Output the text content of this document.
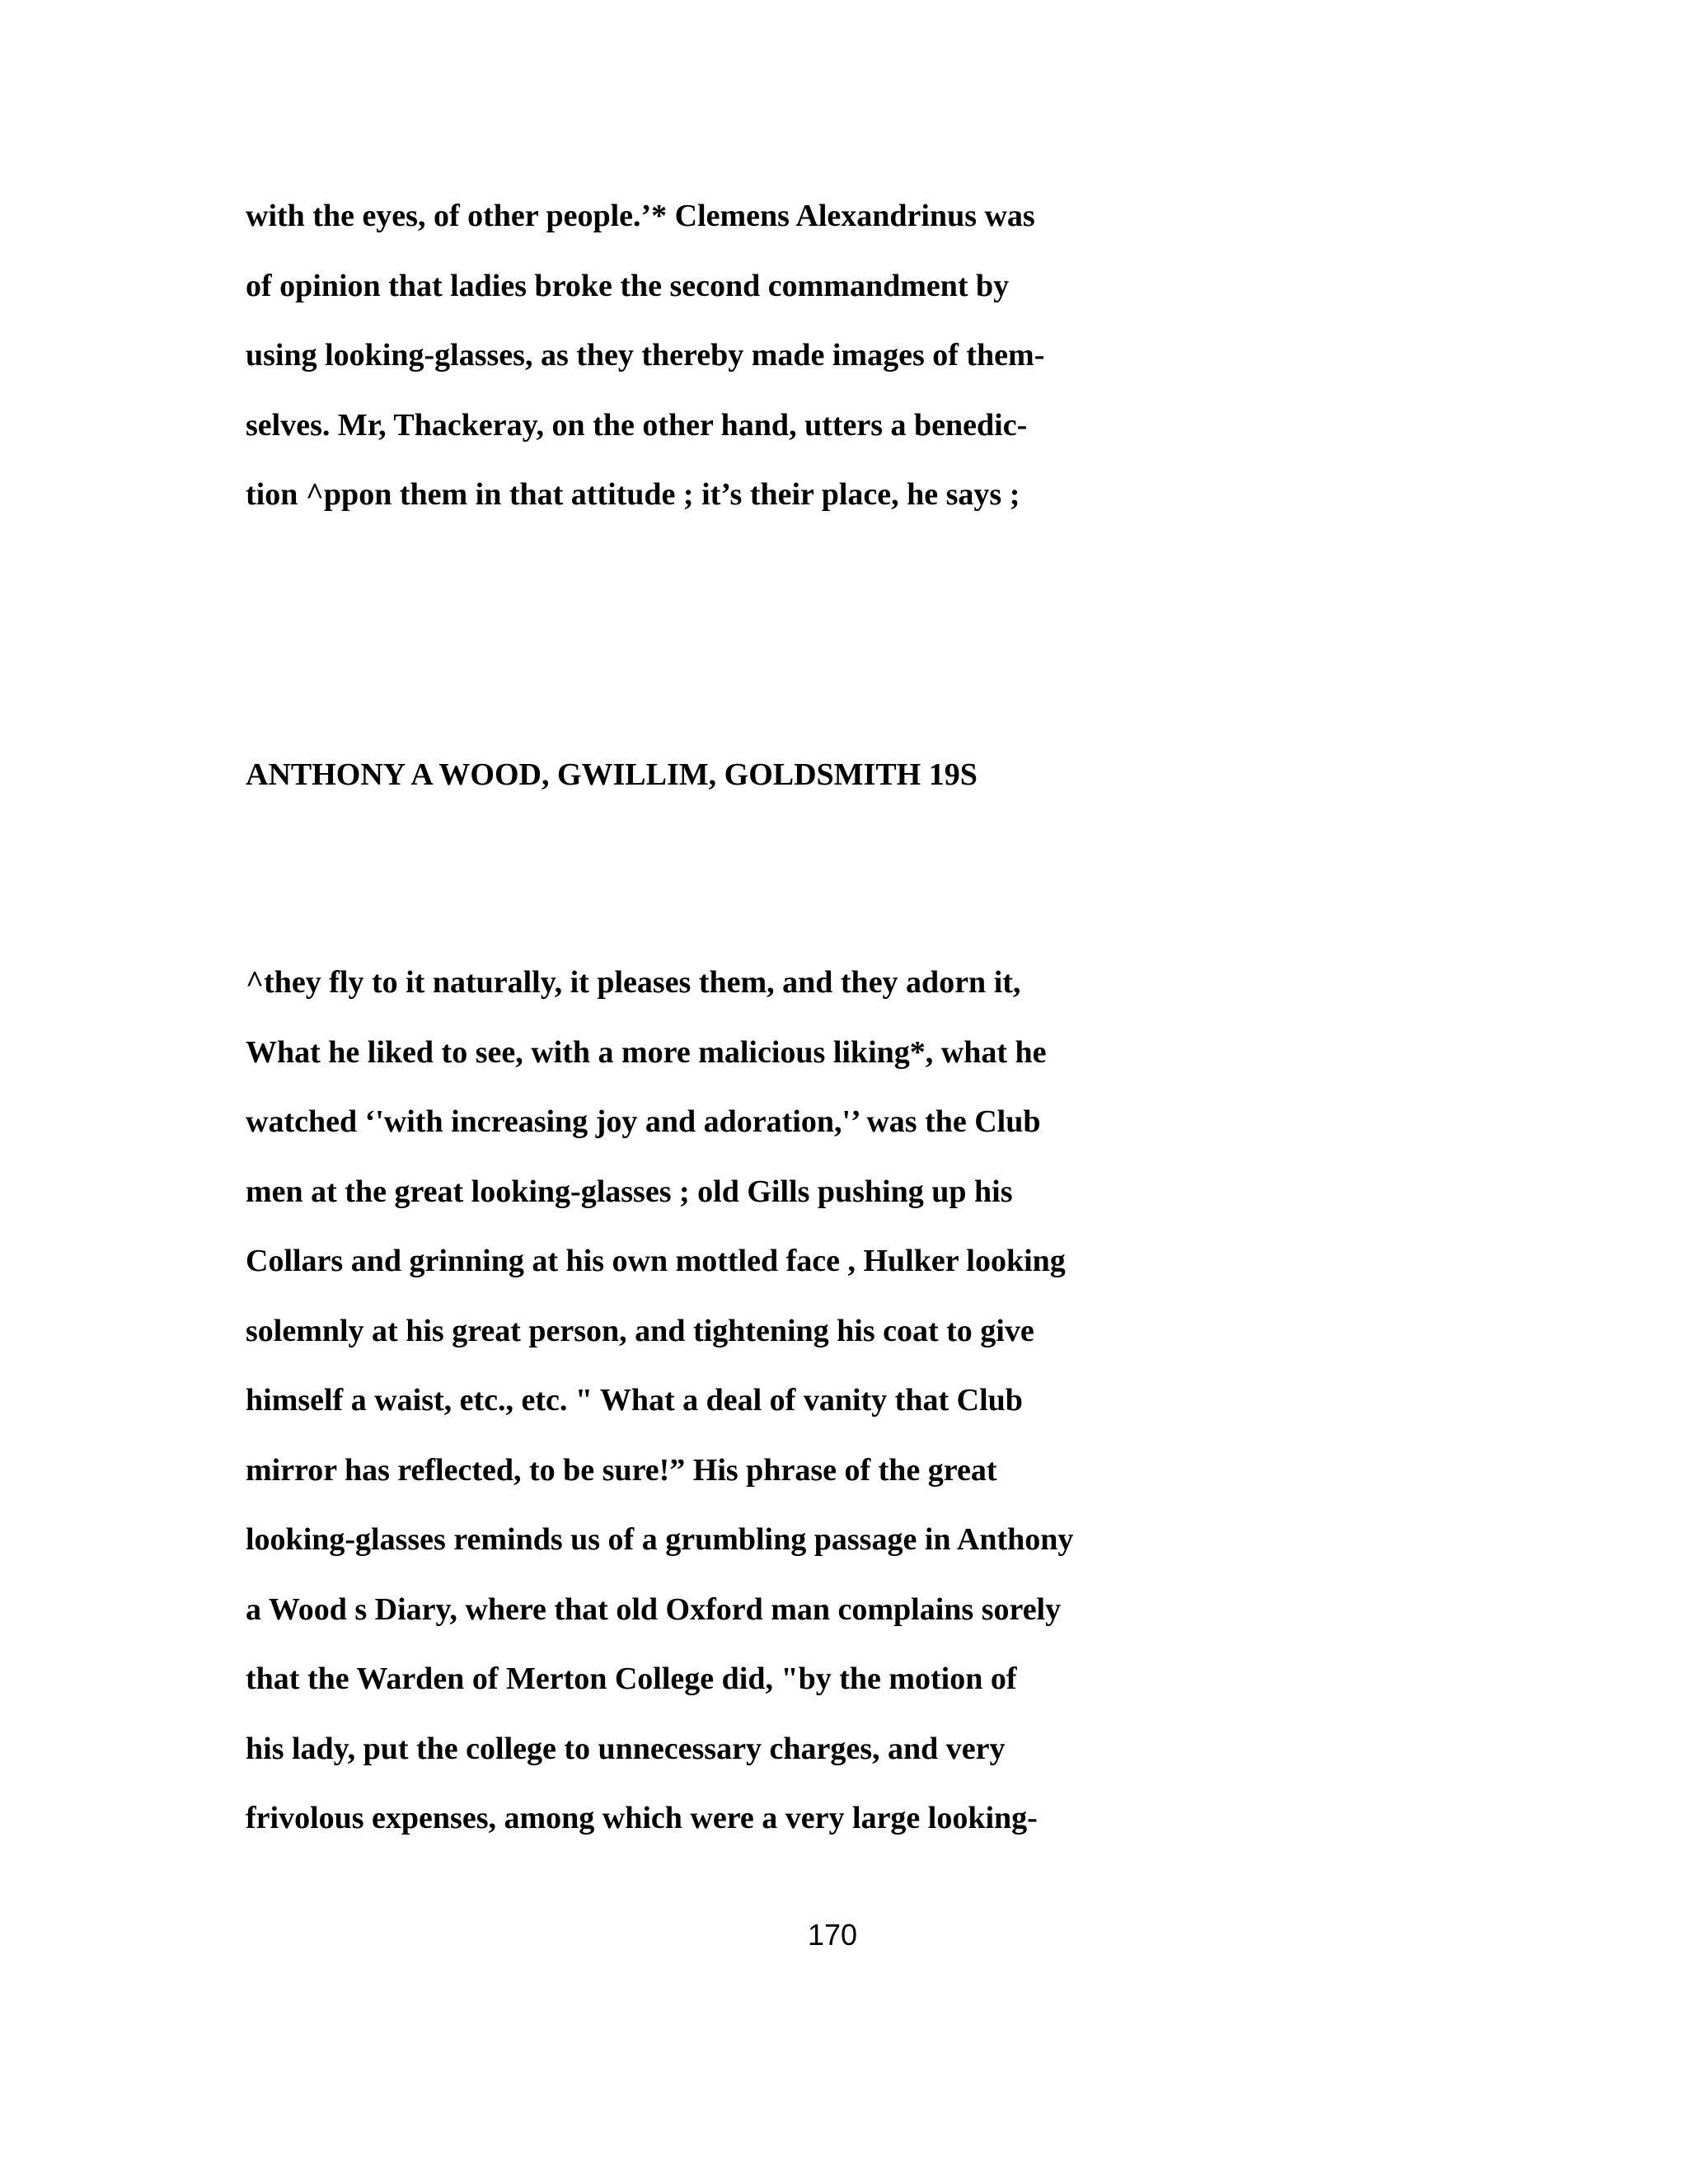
with the eyes, of other people.’* Clemens Alexandrinus was
of opinion that ladies broke the second commandment by
using looking-glasses, as they thereby made images of them-
selves. Mr, Thackeray, on the other hand, utters a benedic-
tion ^ppon them in that attitude ; it’s their place, he says ;

ANTHONY A WOOD, GWILLIM, GOLDSMITH 19S

^they fly to it naturally, it pleases them, and they adorn it,
What he liked to see, with a more malicious liking*, what he
watched ‘'with increasing joy and adoration,'’ was the Club
men at the great looking-glasses ; old Gills pushing up his
Collars and grinning at his own mottled face , Hulker looking
solemnly at his great person, and tightening his coat to give
himself a waist, etc., etc. " What a deal of vanity that Club
mirror has reflected, to be sure!” His phrase of the great
looking-glasses reminds us of a grumbling passage in Anthony
a Wood s Diary, where that old Oxford man complains sorely
that the Warden of Merton College did, "by the motion of
his lady, put the college to unnecessary charges, and very
frivolous expenses, among which were a very large looking-

170
